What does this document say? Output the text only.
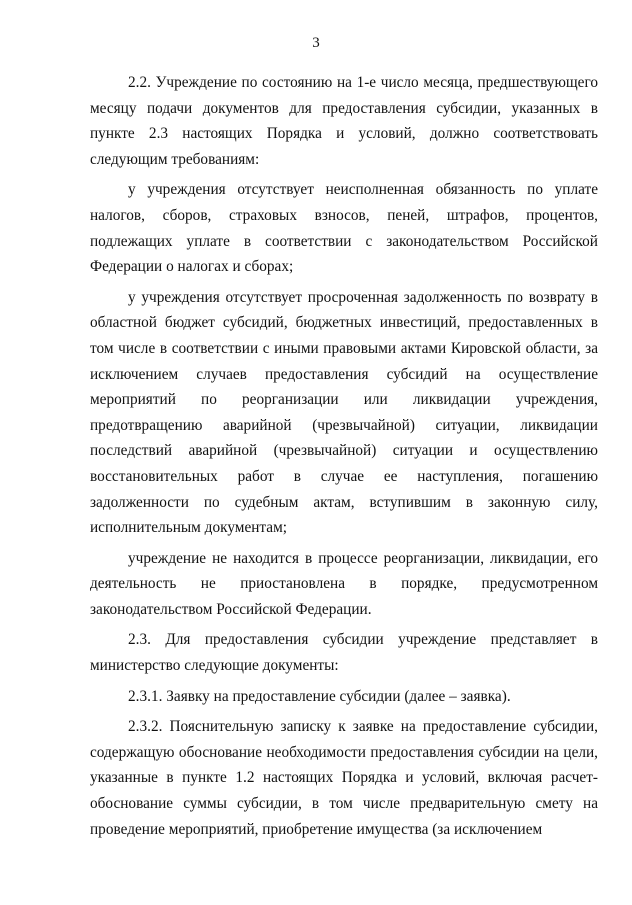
3

2.2. Учреждение по состоянию на 1-е число месяца, предшествующего месяцу подачи документов для предоставления субсидии, указанных в пункте 2.3 настоящих Порядка и условий, должно соответствовать следующим требованиям:

у учреждения отсутствует неисполненная обязанность по уплате налогов, сборов, страховых взносов, пеней, штрафов, процентов, подлежащих уплате в соответствии с законодательством Российской Федерации о налогах и сборах;

у учреждения отсутствует просроченная задолженность по возврату в областной бюджет субсидий, бюджетных инвестиций, предоставленных в том числе в соответствии с иными правовыми актами Кировской области, за исключением случаев предоставления субсидий на осуществление мероприятий по реорганизации или ликвидации учреждения, предотвращению аварийной (чрезвычайной) ситуации, ликвидации последствий аварийной (чрезвычайной) ситуации и осуществлению восстановительных работ в случае ее наступления, погашению задолженности по судебным актам, вступившим в законную силу, исполнительным документам;

учреждение не находится в процессе реорганизации, ликвидации, его деятельность не приостановлена в порядке, предусмотренном законодательством Российской Федерации.

2.3. Для предоставления субсидии учреждение представляет в министерство следующие документы:

2.3.1. Заявку на предоставление субсидии (далее – заявка).

2.3.2. Пояснительную записку к заявке на предоставление субсидии, содержащую обоснование необходимости предоставления субсидии на цели, указанные в пункте 1.2 настоящих Порядка и условий, включая расчет-обоснование суммы субсидии, в том числе предварительную смету на проведение мероприятий, приобретение имущества (за исключением
